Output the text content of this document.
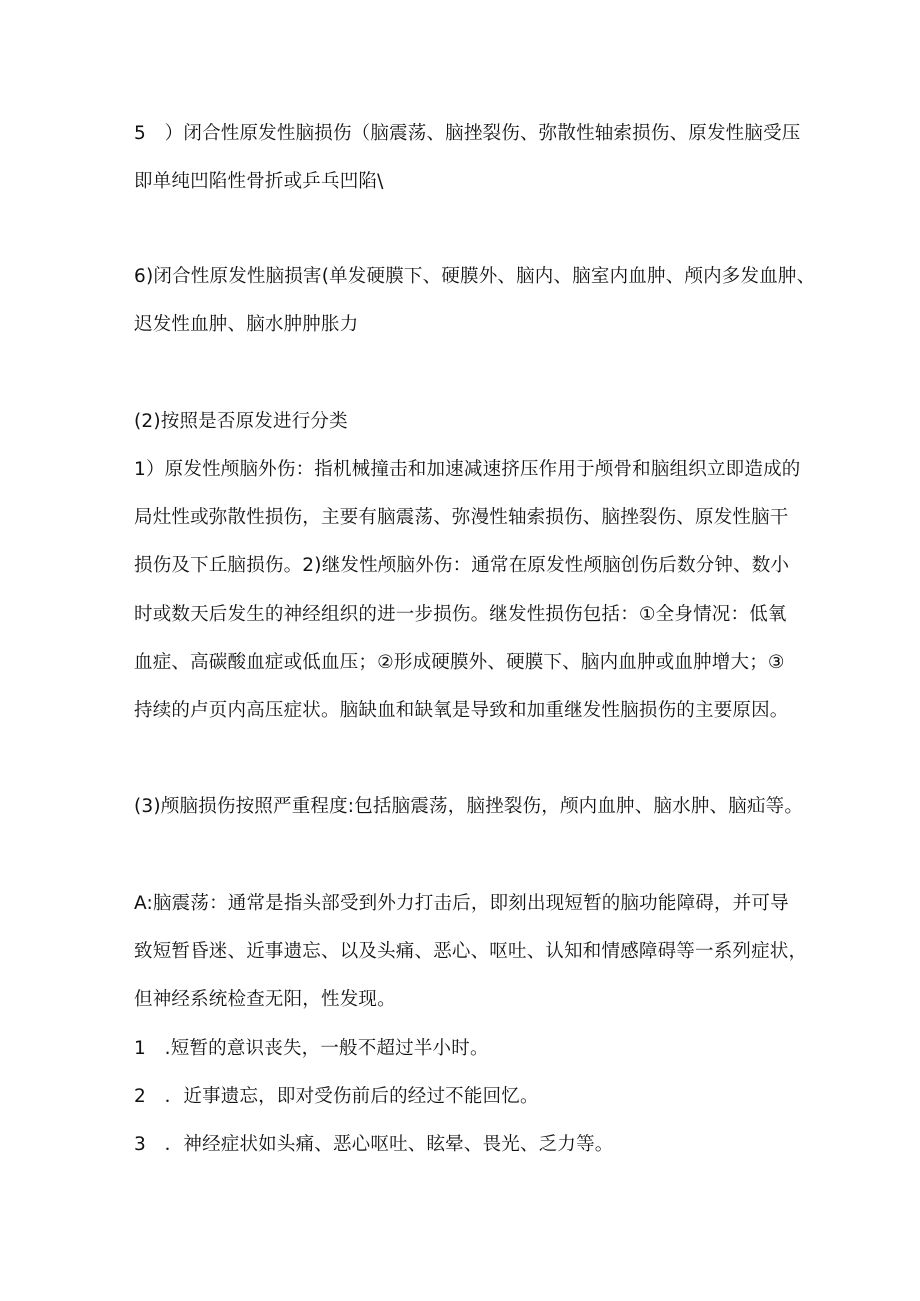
5　）闭合性原发性脑损伤（脑震荡、脑挫裂伤、弥散性轴索损伤、原发性脑受压
即单纯凹陷性骨折或乒乓凹陷\
6)闭合性原发性脑损害(单发硬膜下、硬膜外、脑内、脑室内血肿、颅内多发血肿、
迟发性血肿、脑水肿肿胀力
(2)按照是否原发进行分类
1）原发性颅脑外伤：指机械撞击和加速减速挤压作用于颅骨和脑组织立即造成的
局灶性或弥散性损伤，主要有脑震荡、弥漫性轴索损伤、脑挫裂伤、原发性脑干
损伤及下丘脑损伤。2)继发性颅脑外伤：通常在原发性颅脑创伤后数分钟、数小
时或数天后发生的神经组织的进一步损伤。继发性损伤包括：①全身情况：低氧
血症、高碳酸血症或低血压；②形成硬膜外、硬膜下、脑内血肿或血肿增大；③
持续的卢页内高压症状。脑缺血和缺氧是导致和加重继发性脑损伤的主要原因。
(3)颅脑损伤按照严重程度:包括脑震荡，脑挫裂伤，颅内血肿、脑水肿、脑疝等。
A:脑震荡：通常是指头部受到外力打击后，即刻出现短暂的脑功能障碍，并可导
致短暂昏迷、近事遗忘、以及头痛、恶心、呕吐、认知和情感障碍等一系列症状，
但神经系统检查无阳，性发现。
1　.短暂的意识丧失，一般不超过半小时。
2　．近事遗忘，即对受伤前后的经过不能回忆。
3　．神经症状如头痛、恶心呕吐、眩晕、畏光、乏力等。
